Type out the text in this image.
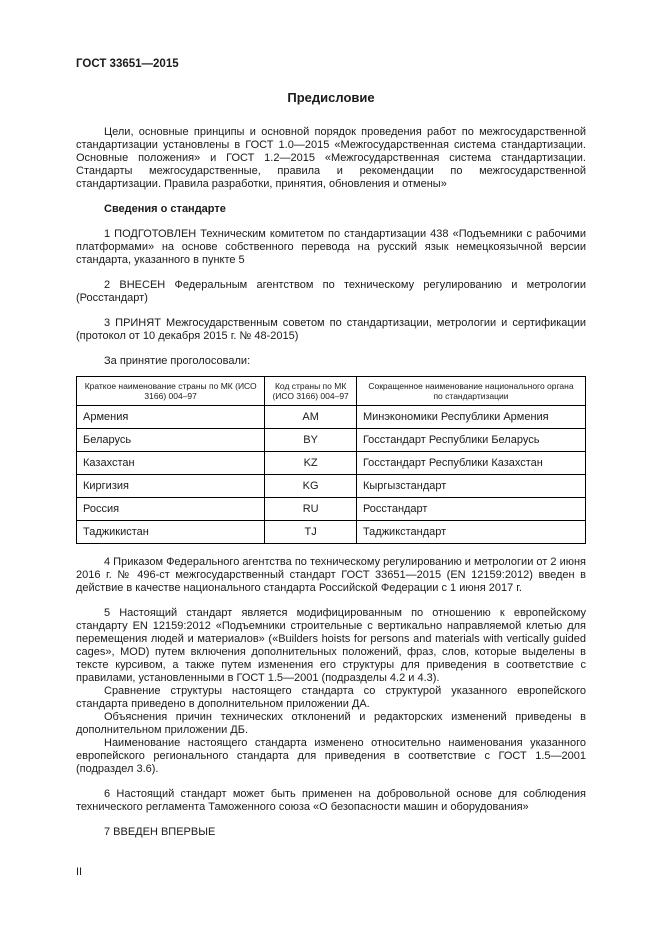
ГОСТ 33651—2015
Предисловие

Цели, основные принципы и основной порядок проведения работ по межгосударственной стандартизации установлены в ГОСТ 1.0—2015 «Межгосударственная система стандартизации. Основные положения» и ГОСТ 1.2—2015 «Межгосударственная система стандартизации. Стандарты межгосударственные, правила и рекомендации по межгосударственной стандартизации. Правила разработки, принятия, обновления и отмены»

Сведения о стандарте

1 ПОДГОТОВЛЕН Техническим комитетом по стандартизации 438 «Подъемники с рабочими платформами» на основе собственного перевода на русский язык немецкоязычной версии стандарта, указанного в пункте 5

2 ВНЕСЕН Федеральным агентством по техническому регулированию и метрологии (Росстандарт)

3 ПРИНЯТ Межгосударственным советом по стандартизации, метрологии и сертификации (протокол от 10 декабря 2015 г. № 48-2015)

За принятие проголосовали:

Краткое наименование страны по МК (ИСО 3166) 004–97	Код страны по МК (ИСО 3166) 004–97	Сокращенное наименование национального органа по стандартизации
Армения	AM	Минэкономики Республики Армения
Беларусь	BY	Госстандарт Республики Беларусь
Казахстан	KZ	Госстандарт Республики Казахстан
Киргизия	KG	Кыргызстандарт
Россия	RU	Росстандарт
Таджикистан	TJ	Таджикстандарт

4 Приказом Федерального агентства по техническому регулированию и метрологии от 2 июня 2016 г. № 496-ст межгосударственный стандарт ГОСТ 33651—2015 (EN 12159:2012) введен в действие в качестве национального стандарта Российской Федерации с 1 июня 2017 г.

5 Настоящий стандарт является модифицированным по отношению к европейскому стандарту EN 12159:2012 «Подъемники строительные с вертикально направляемой клетью для перемещения людей и материалов» («Builders hoists for persons and materials with vertically guided cages», MOD) путем включения дополнительных положений, фраз, слов, которые выделены в тексте курсивом, а также путем изменения его структуры для приведения в соответствие с правилами, установленными в ГОСТ 1.5—2001 (подразделы 4.2 и 4.3).

Сравнение структуры настоящего стандарта со структурой указанного европейского стандарта приведено в дополнительном приложении ДА.

Объяснения причин технических отклонений и редакторских изменений приведены в дополнительном приложении ДБ.

Наименование настоящего стандарта изменено относительно наименования указанного европейского регионального стандарта для приведения в соответствие с ГОСТ 1.5—2001 (подраздел 3.6).

6 Настоящий стандарт может быть применен на добровольной основе для соблюдения технического регламента Таможенного союза «О безопасности машин и оборудования»

7 ВВЕДЕН ВПЕРВЫЕ

II
